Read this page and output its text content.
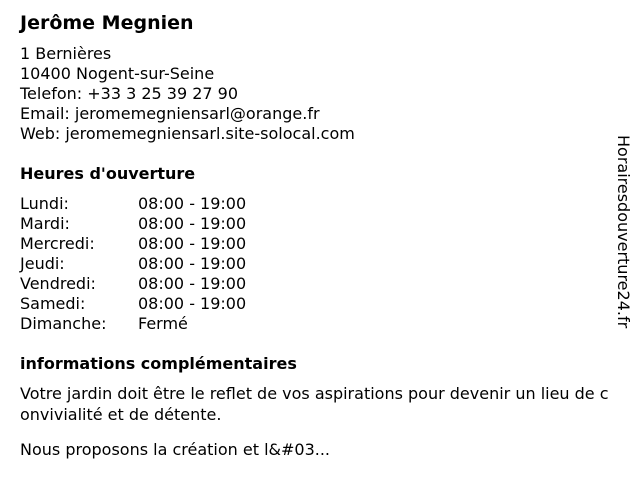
Jerôme Megnien
1 Bernières
10400 Nogent-sur-Seine
Telefon: +33 3 25 39 27 90
Email: jeromemegniensarl@orange.fr
Web: jeromemegniensarl.site-solocal.com
Heures d'ouverture
Lundi:	08:00 - 19:00
Mardi:	08:00 - 19:00
Mercredi:	08:00 - 19:00
Jeudi:	08:00 - 19:00
Vendredi:	08:00 - 19:00
Samedi:	08:00 - 19:00
Dimanche: Fermé
informations complémentaires
Votre jardin doit être le reflet de vos aspirations pour devenir un lieu de convivialité et de détente.
Nous proposons la création et l&#03...
Horairesdouverture24.fr
